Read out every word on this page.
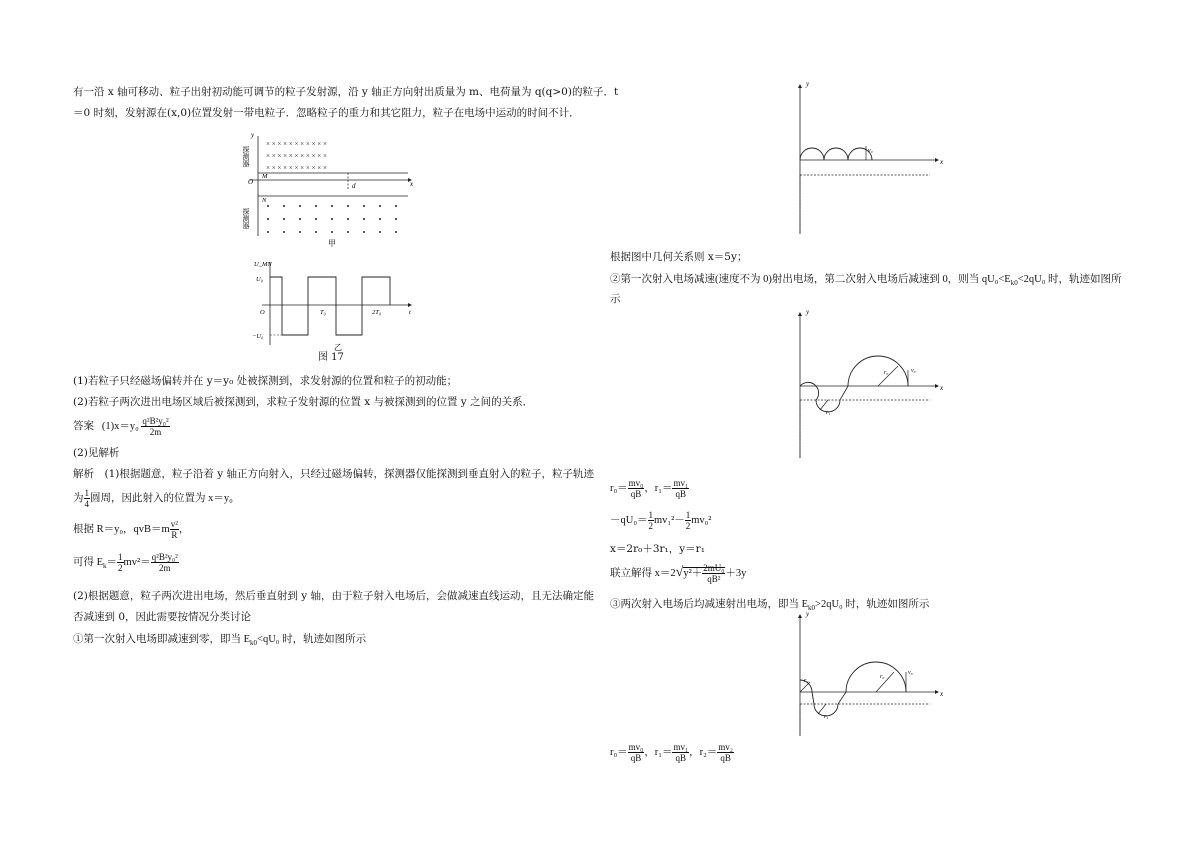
有一沿 x 轴可移动、粒子出射初动能可调节的粒子发射源，沿 y 轴正方向射出质量为 m、电荷量为 q(q>0)的粒子．t
＝0 时刻，发射源在(x,0)位置发射一带电粒子．忽略粒子的重力和其它阻力，粒子在电场中运动的时间不计．
× × × × × × × × × × ×
× × × × × × × × × × ×
× × × × × × × × × × ×
探测器
探测器
y
x
O
M
N
d
甲
U_MN
U₀
−U₀
O	T₀	2T₀	t
乙
图 17
(1)若粒子只经磁场偏转并在 y＝y₀ 处被探测到，求发射源的位置和粒子的初动能；
(2)若粒子两次进出电场区域后被探测到，求粒子发射源的位置 x 与被探测到的位置 y 之间的关系．
答案 $(1)x=y_0 \frac{\text{q²B²y₀²}}{2m}$
(2)见解析
解析　(1)根据题意，粒子沿着 y 轴正方向射入，只经过磁场偏转，探测器仅能探测到垂直射入的粒子，粒子轨迹
为 $\frac{1}{4}$ 圆周，因此射入的位置为 x＝y₀
根据 R＝y₀，$qvB=m \frac{\text{v²}}{R}$ ，
可得 $E_k= \frac{1}{2} mv^2= \frac{\text{q²B²y₀²}}{2m}$
(2)根据题意，粒子两次进出电场，然后垂直射到 y 轴，由于粒子射入电场后，会做减速直线运动，且无法确定能
否减速到 0，因此需要按情况分类讨论
①第一次射入电场即减速到零，即当 $E_{k0}<qU_0$ 时，轨迹如图所示
y
x
v₀
根据图中几何关系则 x＝5y；
②第一次射入电场减速(速度不为 0)射出电场，第二次射入电场后减速到 0，则当 $qU_0<E_{k0}<2qU_0$ 时，轨迹如图所
示
y
x
v₀
r₀
r₁
$r_0= \frac{\text{mv₀}}{qB}$ ，$r_1= \frac{\text{mv₁}}{qB}$
$-qU_0= \frac{1}{2} mv_1^2- \frac{1}{2} mv_0^2$
x＝2r₀＋3r₁，y＝r₁
联立解得 $x=2√y^2+ \frac{\text{2mU₀}}{\text{qB²}} +3y$
③两次射入电场后均减速射出电场，即当 $E_{k0}>2qU_0$ 时，轨迹如图所示
y
x
v₀
r₀
r₂
r₁
$r_0= \frac{\text{mv₀}}{qB}$ ，$r_1= \frac{\text{mv₁}}{qB}$ ，$r_2= \frac{\text{mv₂}}{qB}$
